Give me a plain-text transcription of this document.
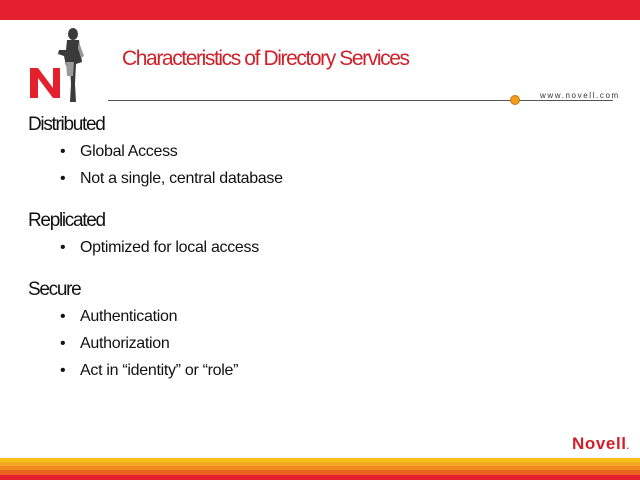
Characteristics of Directory Services
www.novell.com
Distributed
• Global Access
• Not a single, central database
Replicated
• Optimized for local access
Secure
• Authentication
• Authorization
• Act in “identity” or “role”
Novell.
